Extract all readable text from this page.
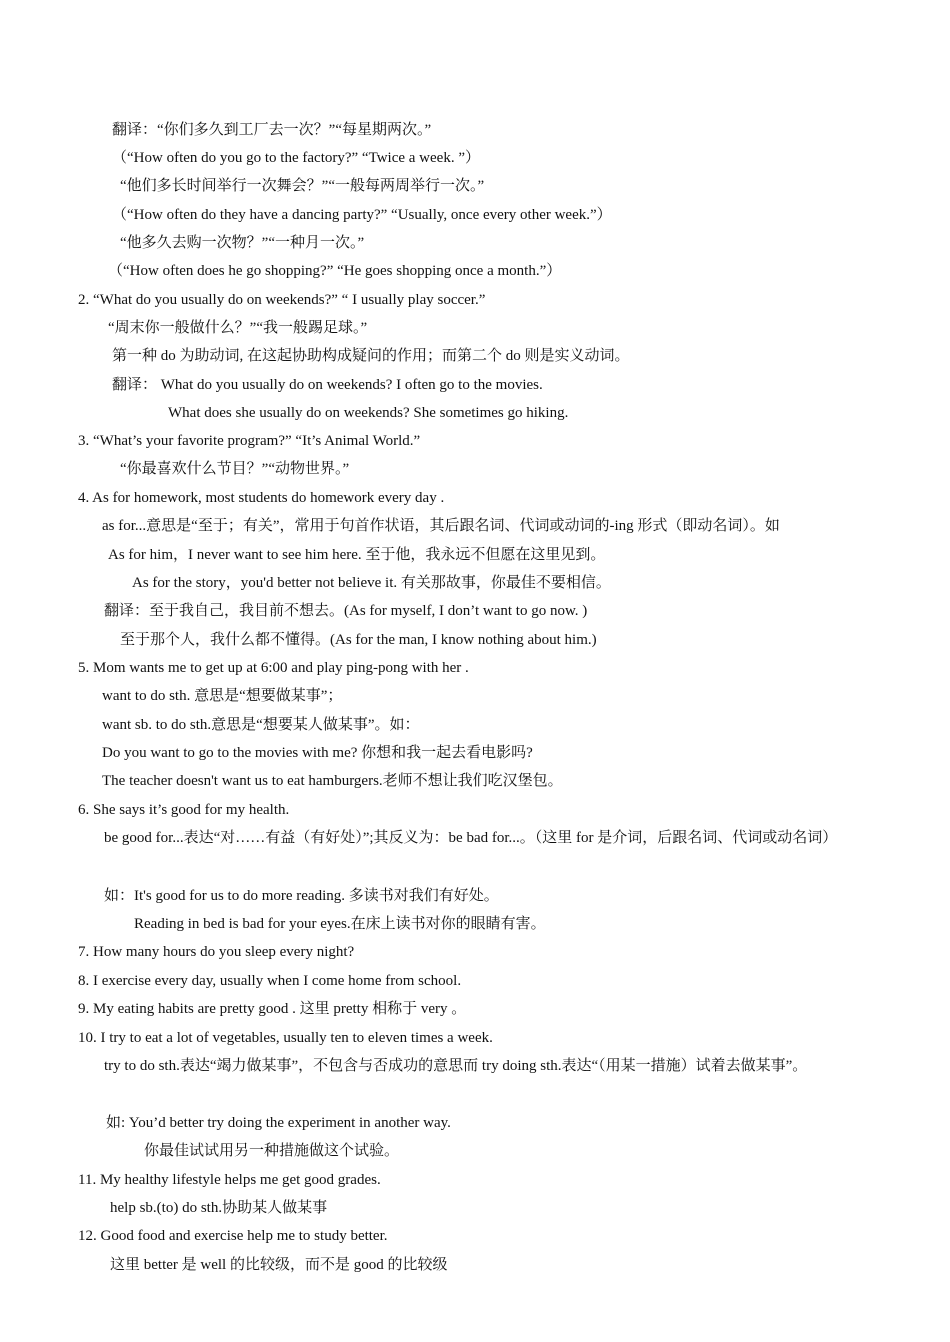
翻译：“你们多久到工厂去一次？”“每星期两次。”
（“How often do you go to the factory?” “Twice a week. ”）
“他们多长时间举行一次舞会？”“一般每两周举行一次。”
（“How often do they have a dancing party?” “Usually, once every other week.”）
“他多久去购一次物？”“一种月一次。”
（“How often does he go shopping?” “He goes shopping once a month.”）
2. “What do you usually do on weekends?” “ I usually play soccer.”
“周末你一般做什么？”“我一般踢足球。”
第一种 do 为助动词, 在这起协助构成疑问的作用；而第二个 do 则是实义动词。
翻译： What do you usually do on weekends? I often go to the movies.
What does she usually do on weekends? She sometimes go hiking.
3. “What’s your favorite program?” “It’s Animal World.”
“你最喜欢什么节目？”“动物世界。”
4. As for homework, most students do homework every day .
as for...意思是“至于；有关”，常用于句首作状语，其后跟名词、代词或动词的-ing 形式（即动名词）。如
As for him，I never want to see him here. 至于他，我永远不但愿在这里见到。
As for the story，you'd better not believe it. 有关那故事，你最佳不要相信。
翻译：至于我自己，我目前不想去。(As for myself, I don’t want to go now. )
至于那个人，我什么都不懂得。(As for the man, I know nothing about him.)
5. Mom wants me to get up at 6:00 and play ping-pong with her .
want to do sth. 意思是“想要做某事”；
want sb. to do sth.意思是“想要某人做某事”。如：
Do you want to go to the movies with me? 你想和我一起去看电影吗?
The teacher doesn't want us to eat hamburgers.老师不想让我们吃汉堡包。
6. She says it’s good for my health.
be good for...表达“对……有益（有好处）”;其反义为：be bad for...。（这里 for 是介词，后跟名词、代词或动名词）
如：It's good for us to do more reading. 多读书对我们有好处。
Reading in bed is bad for your eyes.在床上读书对你的眼睛有害。
7. How many hours do you sleep every night?
8. I exercise every day, usually when I come home from school.
9. My eating habits are pretty good . 这里 pretty 相称于 very 。
10. I try to eat a lot of vegetables, usually ten to eleven times a week.
try to do sth.表达“竭力做某事”，不包含与否成功的意思而 try doing sth.表达“（用某一措施）试着去做某事”。
如: You’d better try doing the experiment in another way.
你最佳试试用另一种措施做这个试验。
11. My healthy lifestyle helps me get good grades.
help sb.(to) do sth.协助某人做某事
12. Good food and exercise help me to study better.
这里 better 是 well 的比较级，而不是 good 的比较级
